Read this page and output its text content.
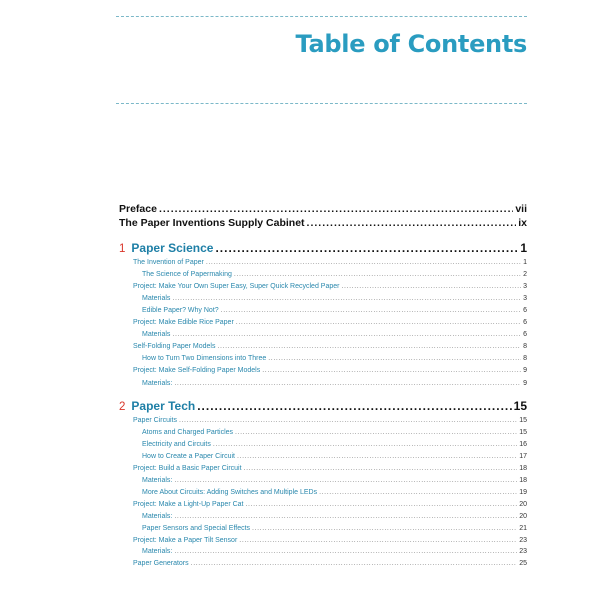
Table of Contents
Preface .....	vii
The Paper Inventions Supply Cabinet .....	ix
1 Paper Science .....	1
The Invention of Paper .....	1
The Science of Papermaking .....	2
Project: Make Your Own Super Easy, Super Quick Recycled Paper .....	3
Materials .....	3
Edible Paper? Why Not? .....	6
Project: Make Edible Rice Paper .....	6
Materials .....	6
Self-Folding Paper Models .....	8
How to Turn Two Dimensions into Three .....	8
Project: Make Self-Folding Paper Models .....	9
Materials: .....	9
2 Paper Tech .....	15
Paper Circuits .....	15
Atoms and Charged Particles .....	15
Electricity and Circuits .....	16
How to Create a Paper Circuit .....	17
Project: Build a Basic Paper Circuit .....	18
Materials: .....	18
More About Circuits: Adding Switches and Multiple LEDs .....	19
Project: Make a Light-Up Paper Cat .....	20
Materials: .....	20
Paper Sensors and Special Effects .....	21
Project: Make a Paper Tilt Sensor .....	23
Materials: .....	23
Paper Generators .....	25
